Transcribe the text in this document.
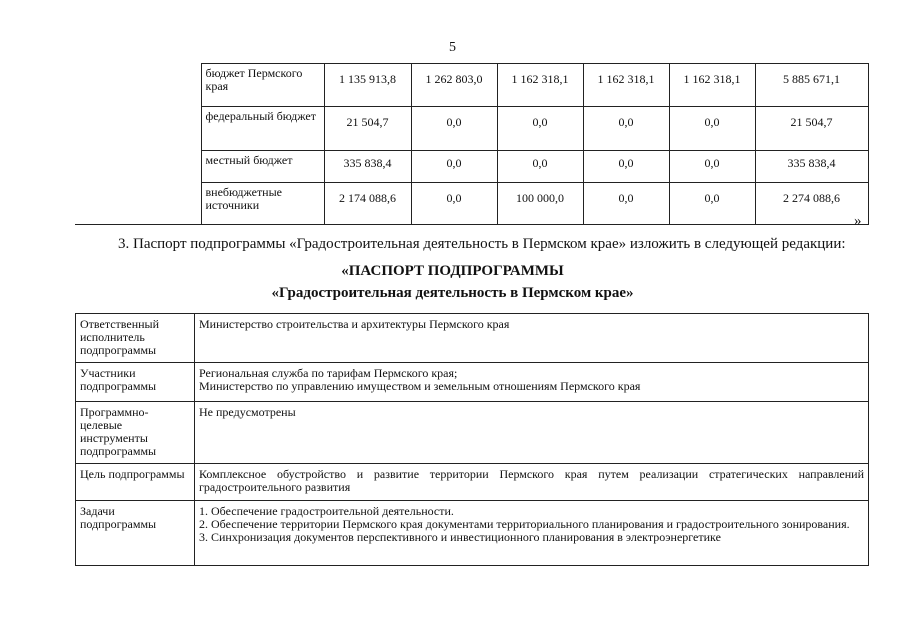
5
	бюджет Пермского края	1 135 913,8	1 262 803,0	1 162 318,1	1 162 318,1	1 162 318,1	5 885 671,1
	федеральный бюджет	21 504,7	0,0	0,0	0,0	0,0	21 504,7
	местный бюджет	335 838,4	0,0	0,0	0,0	0,0	335 838,4
	внебюджетные источники	2 174 088,6	0,0	100 000,0	0,0	0,0	2 274 088,6
»
3. Паспорт подпрограммы «Градостроительная деятельность в Пермском крае» изложить в следующей редакции:
«ПАСПОРТ ПОДПРОГРАММЫ
«Градостроительная деятельность в Пермском крае»
Ответственный исполнитель подпрограммы	Министерство строительства и архитектуры Пермского края

Участники подпрограммы	Региональная служба по тарифам Пермского края;
Министерство по управлению имуществом и земельным отношениям Пермского края

Программно-целевые инструменты подпрограммы	Не предусмотрены

Цель подпрограммы	Комплексное обустройство и развитие территории Пермского края путем реализации стратегических направлений градостроительного развития

Задачи подпрограммы	1. Обеспечение градостроительной деятельности.
2. Обеспечение территории Пермского края документами территориального планирования и градостроительного зонирования.
3. Синхронизация документов перспективного и инвестиционного планирования в электроэнергетике
